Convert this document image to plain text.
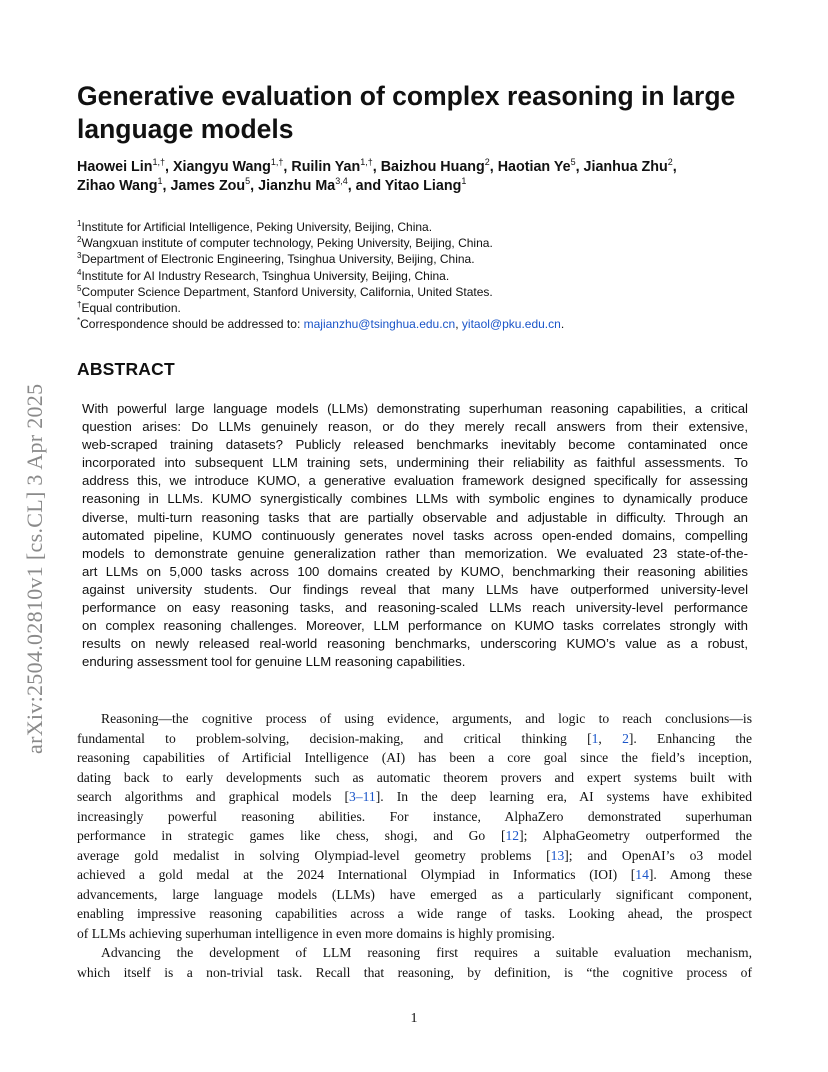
arXiv:2504.02810v1 [cs.CL] 3 Apr 2025
Generative evaluation of complex reasoning in large language models
Haowei Lin$^{1,\dagger}$, Xiangyu Wang$^{1,\dagger}$, Ruilin Yan$^{1,\dagger}$, Baizhou Huang$^2$, Haotian Ye$^5$, Jianhua Zhu$^2$,
Zihao Wang$^1$, James Zou$^5$, Jianzhu Ma$^{3,4}$, and Yitao Liang$^1$
$^1$Institute for Artificial Intelligence, Peking University, Beijing, China.
$^2$Wangxuan institute of computer technology, Peking University, Beijing, China.
$^3$Department of Electronic Engineering, Tsinghua University, Beijing, China.
$^4$Institute for AI Industry Research, Tsinghua University, Beijing, China.
$^5$Computer Science Department, Stanford University, California, United States.
†Equal contribution.
*Correspondence should be addressed to: majianzhu@tsinghua.edu.cn, yitaol@pku.edu.cn.
ABSTRACT
With powerful large language models (LLMs) demonstrating superhuman reasoning capabilities, a critical
question arises: Do LLMs genuinely reason, or do they merely recall answers from their extensive,
web-scraped training datasets? Publicly released benchmarks inevitably become contaminated once
incorporated into subsequent LLM training sets, undermining their reliability as faithful assessments. To
address this, we introduce KUMO, a generative evaluation framework designed specifically for assessing
reasoning in LLMs. KUMO synergistically combines LLMs with symbolic engines to dynamically produce
diverse, multi-turn reasoning tasks that are partially observable and adjustable in difficulty. Through an
automated pipeline, KUMO continuously generates novel tasks across open-ended domains, compelling
models to demonstrate genuine generalization rather than memorization. We evaluated 23 state-of-the-
art LLMs on 5,000 tasks across 100 domains created by KUMO, benchmarking their reasoning abilities
against university students. Our findings reveal that many LLMs have outperformed university-level
performance on easy reasoning tasks, and reasoning-scaled LLMs reach university-level performance
on complex reasoning challenges. Moreover, LLM performance on KUMO tasks correlates strongly with
results on newly released real-world reasoning benchmarks, underscoring KUMO’s value as a robust,
enduring assessment tool for genuine LLM reasoning capabilities.
Reasoning—the cognitive process of using evidence, arguments, and logic to reach conclusions—is
fundamental to problem-solving, decision-making, and critical thinking [1, 2]. Enhancing the
reasoning capabilities of Artificial Intelligence (AI) has been a core goal since the field’s inception,
dating back to early developments such as automatic theorem provers and expert systems built with
search algorithms and graphical models [3–11]. In the deep learning era, AI systems have exhibited
increasingly powerful reasoning abilities. For instance, AlphaZero demonstrated superhuman
performance in strategic games like chess, shogi, and Go [12]; AlphaGeometry outperformed the
average gold medalist in solving Olympiad-level geometry problems [13]; and OpenAI’s o3 model
achieved a gold medal at the 2024 International Olympiad in Informatics (IOI) [14]. Among these
advancements, large language models (LLMs) have emerged as a particularly significant component,
enabling impressive reasoning capabilities across a wide range of tasks. Looking ahead, the prospect
of LLMs achieving superhuman intelligence in even more domains is highly promising.
Advancing the development of LLM reasoning first requires a suitable evaluation mechanism,
which itself is a non-trivial task. Recall that reasoning, by definition, is “the cognitive process of
1
